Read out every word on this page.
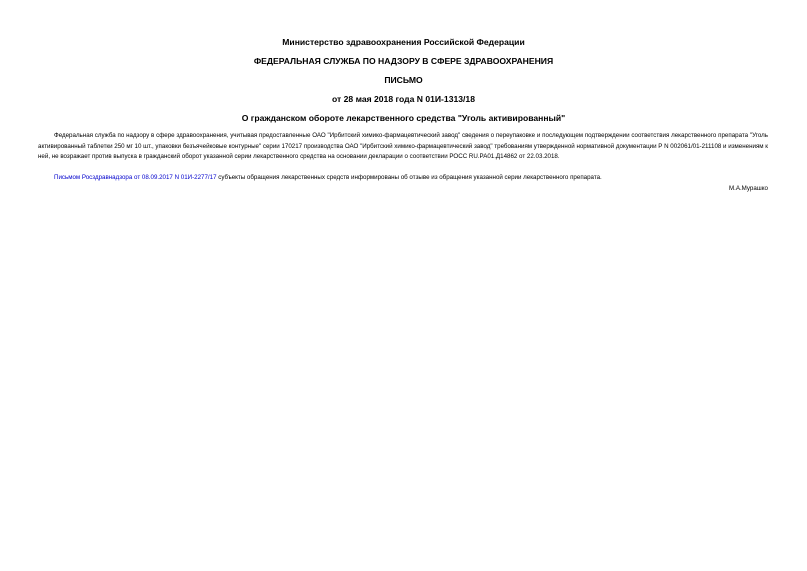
Министерство здравоохранения Российской Федерации
ФЕДЕРАЛЬНАЯ СЛУЖБА ПО НАДЗОРУ В СФЕРЕ ЗДРАВООХРАНЕНИЯ
ПИСЬМО
от 28 мая 2018 года N 01И-1313/18
О гражданском обороте лекарственного средства "Уголь активированный"
Федеральная служба по надзору в сфере здравоохранения, учитывая предоставленные ОАО "Ирбитский химико-фармацевтический завод" сведения о переупаковке и последующем подтверждении соответствия лекарственного препарата "Уголь активированный таблетки 250 мг 10 шт., упаковки безъячейковые контурные" серии 170217 производства ОАО "Ирбитский химико-фармацевтический завод" требованиям утвержденной нормативной документации Р N 002061/01-211108 и изменениям к ней, не возражает против выпуска в гражданский оборот указанной серии лекарственного средства на основании декларации о соответствии РОСС RU.PA01.Д14862 от 22.03.2018.
Письмом Росздравнадзора от 08.09.2017 N 01И-2277/17 субъекты обращения лекарственных средств информированы об отзыве из обращения указанной серии лекарственного препарата.
М.А.Мурашко
